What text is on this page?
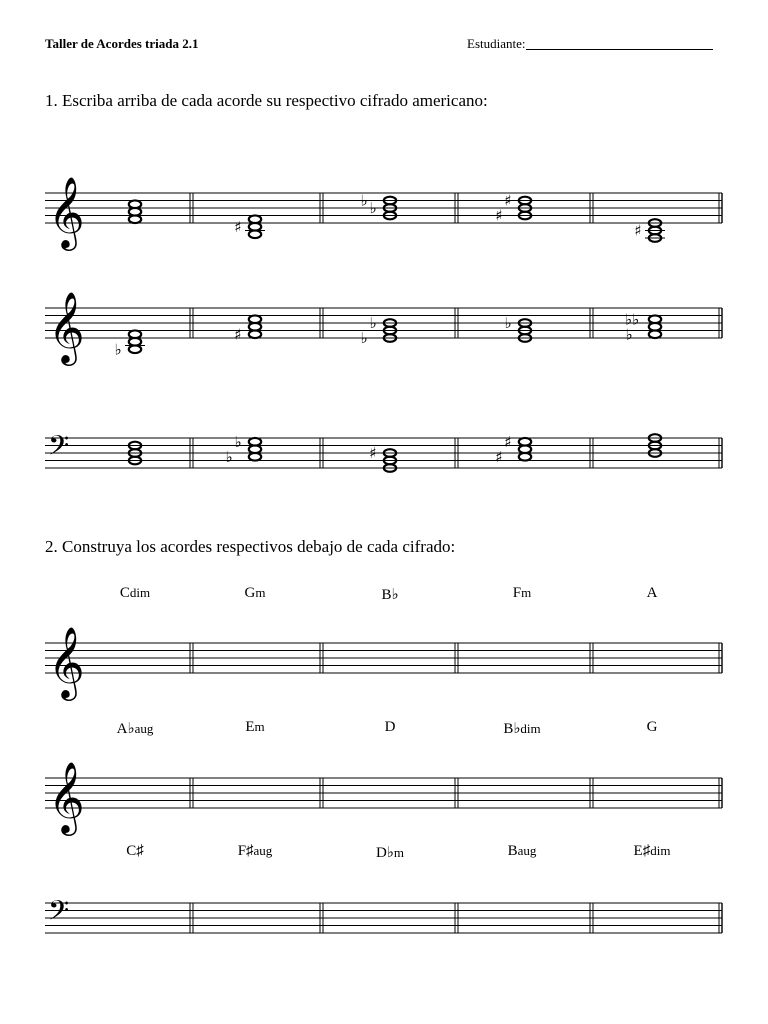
Taller de Acordes triada 2.1	Estudiante:
1. Escriba arriba de cada acorde su respectivo cifrado americano:
2. Construya los acordes respectivos debajo de cada cifrado:
𝄞	♯
♭
♭	♯
♯
♯
𝄞 ♭
♯
♭
♭
♭	♭♭
♭
𝄢	♭
♭	♯
♯
♯
Cdim	Gm	B♭	Fm	A
A♭aug	Em	D	B♭dim	G
C♯	F♯aug	D♭m	Baug	E♯dim
𝄞
𝄞
𝄢
